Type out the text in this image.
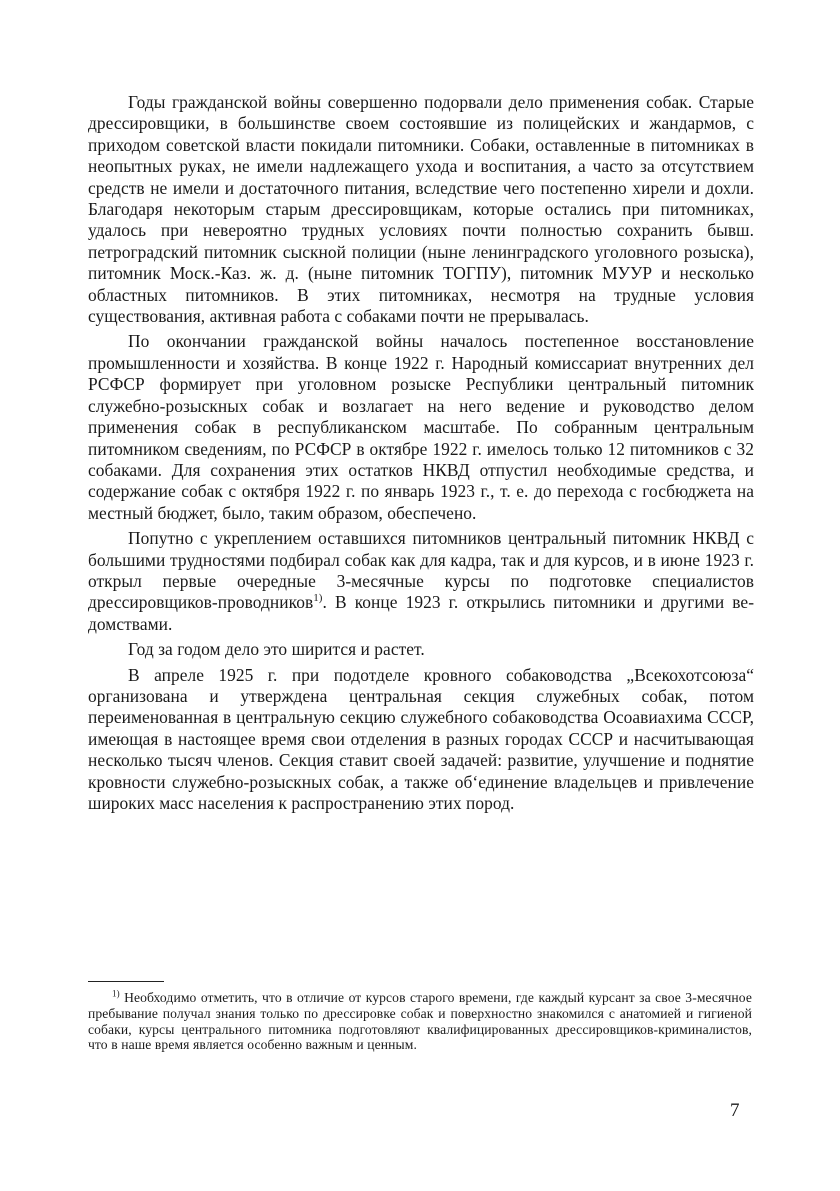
Годы гражданской войны совершенно подорвали дело применения собак. Старые дрессировщики, в большинстве своем состоявшие из полицейских и жандармов, с приходом советской власти покидали питомники. Собаки, оставленные в питомниках в неопытных руках, не имели надлежащего ухода и воспитания, а часто за отсутствием средств не имели и достаточного питания, вследствие чего постепенно хирели и дохли. Благодаря некоторым старым дрессировщикам, которые остались при питомниках, удалось при невероятно трудных условиях почти полностью сохранить бывш. петроградский питомник сыскной полиции (ныне ленинградского уголовного розыска), питомник Моск.-Каз. ж. д. (ныне питомник ТОГПУ), питомник МУУР и несколько областных питомников. В этих питомниках, несмотря на трудные условия существования, активная работа с собаками почти не прерывалась.

По окончании гражданской войны началось постепенное восстановление промышленности и хозяйства. В конце 1922 г. Народный комиссариат внутренних дел РСФСР формирует при уголовном розыске Республики центральный питомник служебно-розыскных собак и возлагает на него ведение и руководство делом применения собак в республиканском масштабе. По собранным центральным питомником сведениям, по РСФСР в октябре 1922 г. имелось только 12 питомников с 32 собаками. Для сохранения этих остатков НКВД отпустил необходимые средства, и содержание собак с октября 1922 г. по январь 1923 г., т. е. до перехода с госбюджета на местный бюджет, было, таким образом, обеспечено.

Попутно с укреплением оставшихся питомников центральный питомник НКВД с большими трудностями подбирал собак как для кадра, так и для курсов, и в июне 1923 г. открыл первые очередные 3-месячные курсы по подготовке специалистов дрессировщиков-проводников$^{1)}$. В конце 1923 г. открылись питомники и другими ведомствами.

Год за годом дело это ширится и растет.

В апреле 1925 г. при подотделе кровного собаководства „Всекохотсоюза“ организована и утверждена центральная секция служебных собак, потом переименованная в центральную секцию служебного собаководства Осоавиахима СССР, имеющая в настоящее время свои отделения в разных городах СССР и насчитывающая несколько тысяч членов. Секция ставит своей задачей: развитие, улучшение и поднятие кровности служебно-розыскных собак, а также об‘единение владельцев и привлечение широких масс населения к распространению этих пород.

$^{1)}$ Необходимо отметить, что в отличие от курсов старого времени, где каждый курсант за свое 3-месячное пребывание получал знания только по дрессировке собак и поверхностно знакомился с анатомией и гигиеной собаки, курсы центрального питомника подготовляют квалифицированных дрессировщиков-криминалистов, что в наше время является особенно важным и ценным.

7
